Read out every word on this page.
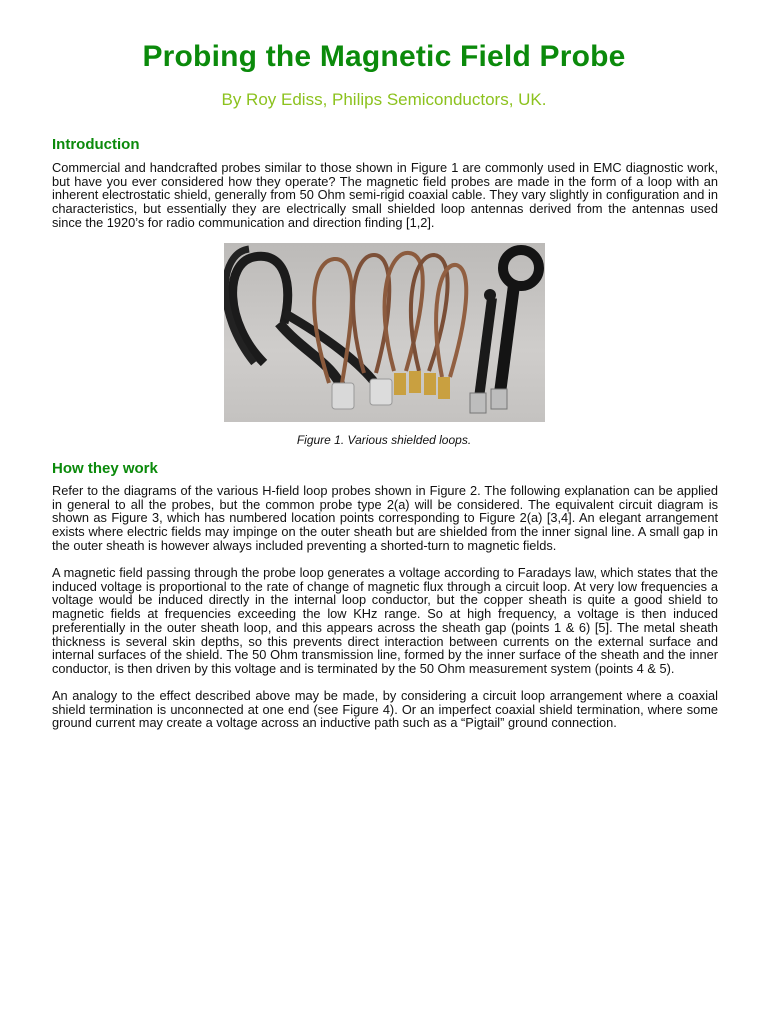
Probing the Magnetic Field Probe
By Roy Ediss, Philips Semiconductors, UK.
Introduction
Commercial and handcrafted probes similar to those shown in Figure 1 are commonly used in EMC diagnostic work, but have you ever considered how they operate? The magnetic field probes are made in the form of a loop with an inherent electrostatic shield, generally from 50 Ohm semi-rigid coaxial cable. They vary slightly in configuration and in characteristics, but essentially they are electrically small shielded loop antennas derived from the antennas used since the 1920’s for radio communication and direction finding [1,2].
Figure 1. Various shielded loops.
How they work
Refer to the diagrams of the various H-field loop probes shown in Figure 2. The following explanation can be applied in general to all the probes, but the common probe type 2(a) will be considered. The equivalent circuit diagram is shown as Figure 3, which has numbered location points corresponding to Figure 2(a) [3,4]. An elegant arrangement exists where electric fields may impinge on the outer sheath but are shielded from the inner signal line. A small gap in the outer sheath is however always included preventing a shorted-turn to magnetic fields.
A magnetic field passing through the probe loop generates a voltage according to Faradays law, which states that the induced voltage is proportional to the rate of change of magnetic flux through a circuit loop. At very low frequencies a voltage would be induced directly in the internal loop conductor, but the copper sheath is quite a good shield to magnetic fields at frequencies exceeding the low KHz range. So at high frequency, a voltage is then induced preferentially in the outer sheath loop, and this appears across the sheath gap (points 1 & 6) [5]. The metal sheath thickness is several skin depths, so this prevents direct interaction between currents on the external surface and internal surfaces of the shield. The 50 Ohm transmission line, formed by the inner surface of the sheath and the inner conductor, is then driven by this voltage and is terminated by the 50 Ohm measurement system (points 4 & 5).
An analogy to the effect described above may be made, by considering a circuit loop arrangement where a coaxial shield termination is unconnected at one end (see Figure 4). Or an imperfect coaxial shield termination, where some ground current may create a voltage across an inductive path such as a “Pigtail” ground connection.
